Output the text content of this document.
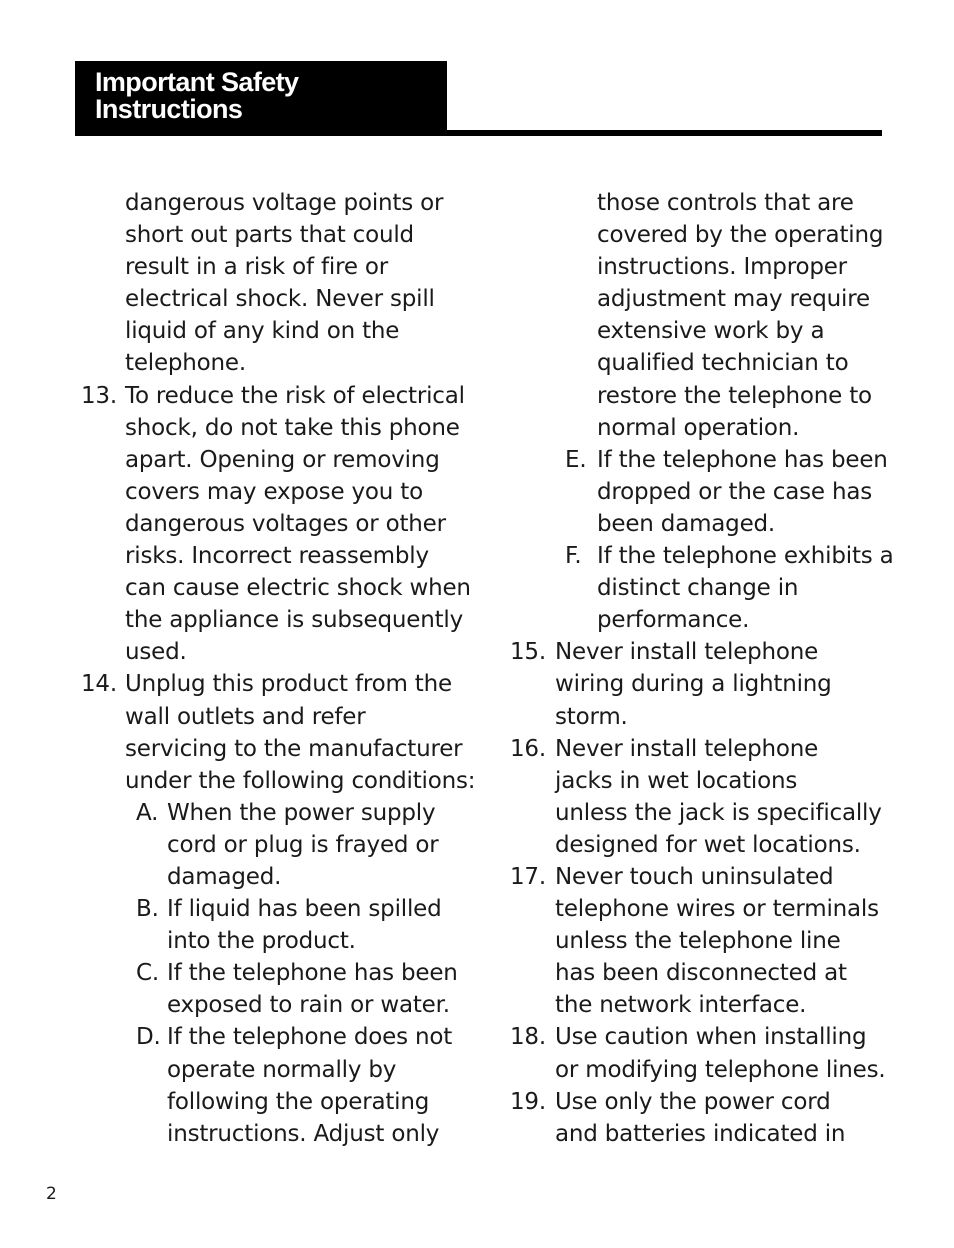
Important Safety
Instructions
dangerous voltage points or
short out parts that could
result in a risk of fire or
electrical shock. Never spill
liquid of any kind on the
telephone.
13. To reduce the risk of electrical
shock, do not take this phone
apart. Opening or removing
covers may expose you to
dangerous voltages or other
risks. Incorrect reassembly
can cause electric shock when
the appliance is subsequently
used.
14. Unplug this product from the
wall outlets and refer
servicing to the manufacturer
under the following conditions:
A. When the power supply
cord or plug is frayed or
damaged.
B. If liquid has been spilled
into the product.
C. If the telephone has been
exposed to rain or water.
D. If the telephone does not
operate normally by
following the operating
instructions. Adjust only
those controls that are
covered by the operating
instructions. Improper
adjustment may require
extensive work by a
qualified technician to
restore the telephone to
normal operation.
E. If the telephone has been
dropped or the case has
been damaged.
F. If the telephone exhibits a
distinct change in
performance.
15. Never install telephone
wiring during a lightning
storm.
16. Never install telephone
jacks in wet locations
unless the jack is specifically
designed for wet locations.
17. Never touch uninsulated
telephone wires or terminals
unless the telephone line
has been disconnected at
the network interface.
18. Use caution when installing
or modifying telephone lines.
19. Use only the power cord
and batteries indicated in
2
